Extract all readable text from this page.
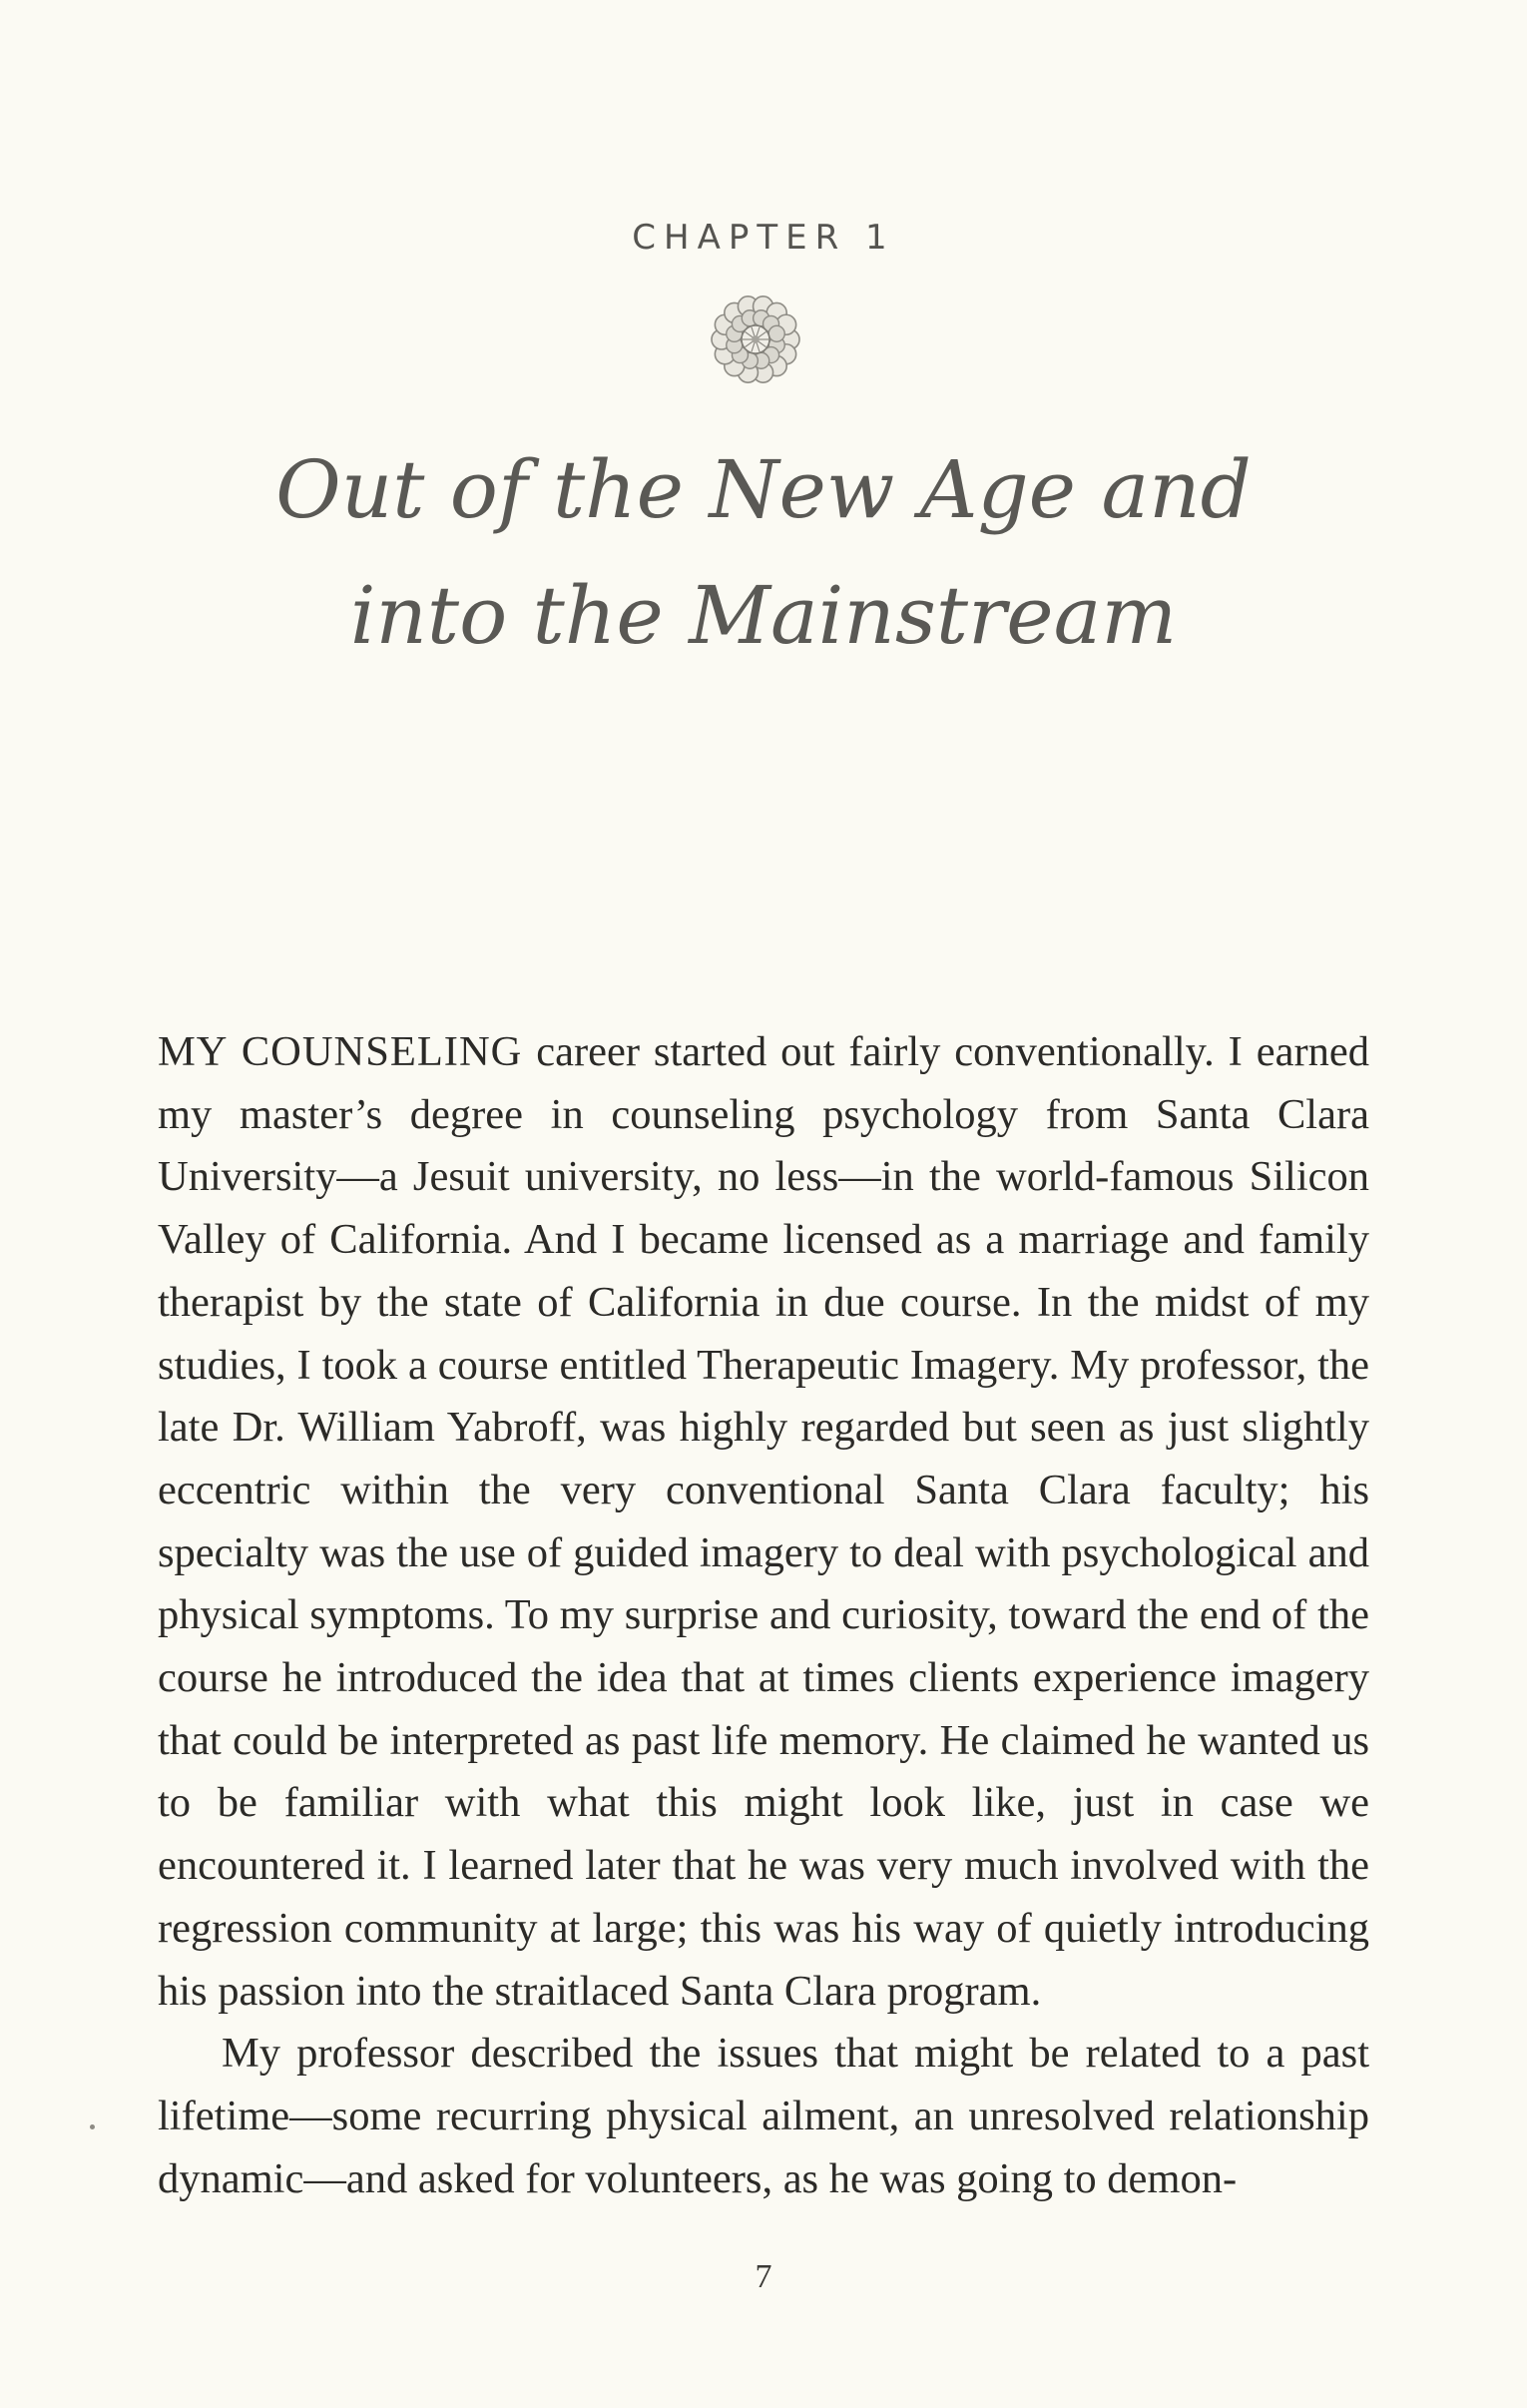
CHAPTER 1
Out of the New Age and
into the Mainstream

MY COUNSELING career started out fairly conventionally. I earned my master’s degree in counseling psychology from Santa Clara University—a Jesuit university, no less—in the world-famous Silicon Valley of California. And I became licensed as a marriage and family therapist by the state of California in due course. In the midst of my studies, I took a course entitled Therapeutic Imagery. My professor, the late Dr. William Yabroff, was highly regarded but seen as just slightly eccentric within the very conventional Santa Clara faculty; his specialty was the use of guided imagery to deal with psychological and physical symptoms. To my surprise and curiosity, toward the end of the course he introduced the idea that at times clients experience imagery that could be interpreted as past life memory. He claimed he wanted us to be familiar with what this might look like, just in case we encountered it. I learned later that he was very much involved with the regression community at large; this was his way of quietly introducing his passion into the straitlaced Santa Clara program.

My professor described the issues that might be related to a past lifetime—some recurring physical ailment, an unresolved relationship dynamic—and asked for volunteers, as he was going to demon-

7
